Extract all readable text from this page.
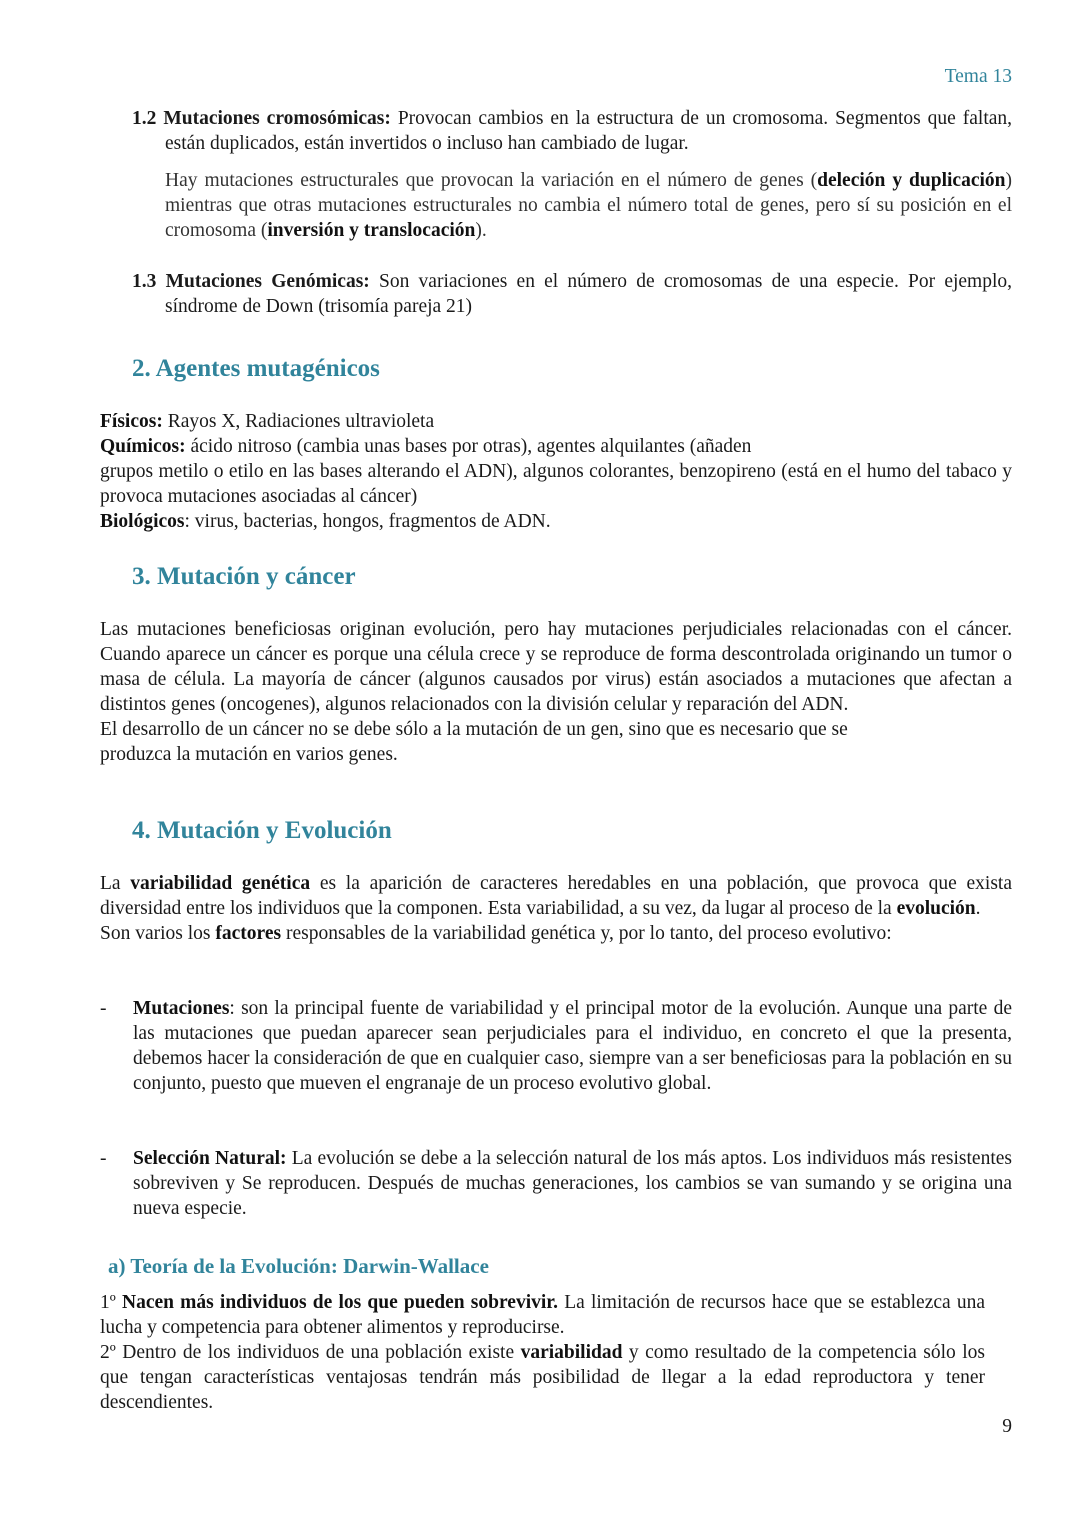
Tema 13

1.2 Mutaciones cromosómicas: Provocan cambios en la estructura de un cromosoma. Segmentos que faltan, están duplicados, están invertidos o incluso han cambiado de lugar.

Hay mutaciones estructurales que provocan la variación en el número de genes (deleción y duplicación) mientras que otras mutaciones estructurales no cambia el número total de genes, pero sí su posición en el cromosoma (inversión y translocación).

1.3 Mutaciones Genómicas: Son variaciones en el número de cromosomas de una especie. Por ejemplo, síndrome de Down (trisomía pareja 21)

2. Agentes mutagénicos
Físicos: Rayos X, Radiaciones ultravioleta
Químicos: ácido nitroso (cambia unas bases por otras), agentes alquilantes (añaden
grupos metilo o etilo en las bases alterando el ADN), algunos colorantes, benzopireno (está en el humo del tabaco y provoca mutaciones asociadas al cáncer)
Biológicos: virus, bacterias, hongos, fragmentos de ADN.
3. Mutación y cáncer
Las mutaciones beneficiosas originan evolución, pero hay mutaciones perjudiciales relacionadas con el cáncer. Cuando aparece un cáncer es porque una célula crece y se reproduce de forma descontrolada originando un tumor o masa de célula. La mayoría de cáncer (algunos causados por virus) están asociados a mutaciones que afectan a distintos genes (oncogenes), algunos relacionados con la división celular y reparación del ADN.
El desarrollo de un cáncer no se debe sólo a la mutación de un gen, sino que es necesario que se
produzca la mutación en varios genes.
4. Mutación y Evolución
La variabilidad genética es la aparición de caracteres heredables en una población, que provoca que exista diversidad entre los individuos que la componen. Esta variabilidad, a su vez, da lugar al proceso de la evolución.
Son varios los factores responsables de la variabilidad genética y, por lo tanto, del proceso evolutivo:
- Mutaciones: son la principal fuente de variabilidad y el principal motor de la evolución. Aunque una parte de las mutaciones que puedan aparecer sean perjudiciales para el individuo, en concreto el que la presenta, debemos hacer la consideración de que en cualquier caso, siempre van a ser beneficiosas para la población en su conjunto, puesto que mueven el engranaje de un proceso evolutivo global.

- Selección Natural: La evolución se debe a la selección natural de los más aptos. Los individuos más resistentes sobreviven y Se reproducen. Después de muchas generaciones, los cambios se van sumando y se origina una nueva especie.

a) Teoría de la Evolución: Darwin-Wallace
1º Nacen más individuos de los que pueden sobrevivir. La limitación de recursos hace que se establezca una lucha y competencia para obtener alimentos y reproducirse.
2º Dentro de los individuos de una población existe variabilidad y como resultado de la competencia sólo los que tengan características ventajosas tendrán más posibilidad de llegar a la edad reproductora y tener descendientes.
9
